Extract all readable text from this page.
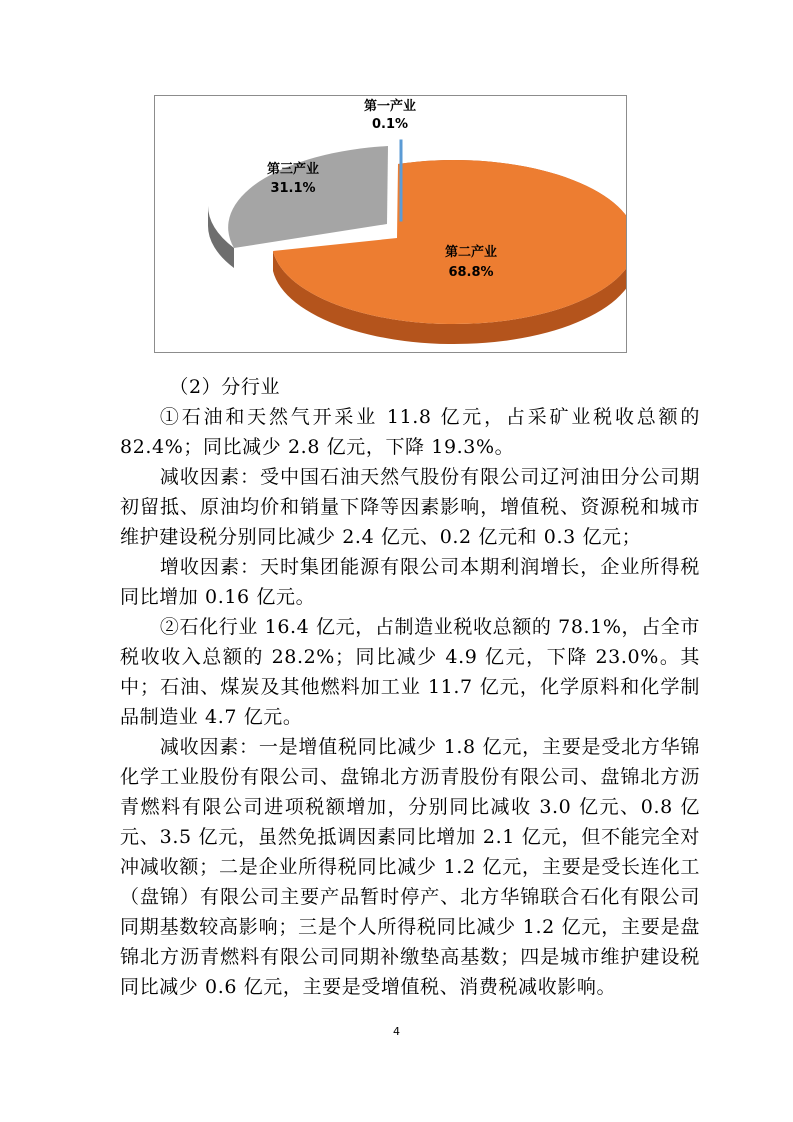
第一产业
0.1%
第三产业
31.1%
第二产业
68.8%

（2）分行业

①石油和天然气开采业 11.8 亿元，占采矿业税收总额的 82.4%；同比减少 2.8 亿元，下降 19.3%。

减收因素：受中国石油天然气股份有限公司辽河油田分公司期初留抵、原油均价和销量下降等因素影响，增值税、资源税和城市维护建设税分别同比减少 2.4 亿元、0.2 亿元和 0.3 亿元；

增收因素：天时集团能源有限公司本期利润增长，企业所得税同比增加 0.16 亿元。

②石化行业 16.4 亿元，占制造业税收总额的 78.1%，占全市税收收入总额的 28.2%；同比减少 4.9 亿元，下降 23.0%。其中；石油、煤炭及其他燃料加工业 11.7 亿元，化学原料和化学制品制造业 4.7 亿元。

减收因素：一是增值税同比减少 1.8 亿元，主要是受北方华锦化学工业股份有限公司、盘锦北方沥青股份有限公司、盘锦北方沥青燃料有限公司进项税额增加，分别同比减收 3.0 亿元、0.8 亿元、3.5 亿元，虽然免抵调因素同比增加 2.1 亿元，但不能完全对冲减收额；二是企业所得税同比减少 1.2 亿元，主要是受长连化工（盘锦）有限公司主要产品暂时停产、北方华锦联合石化有限公司同期基数较高影响；三是个人所得税同比减少 1.2 亿元，主要是盘锦北方沥青燃料有限公司同期补缴垫高基数；四是城市维护建设税同比减少 0.6 亿元，主要是受增值税、消费税减收影响。

4
